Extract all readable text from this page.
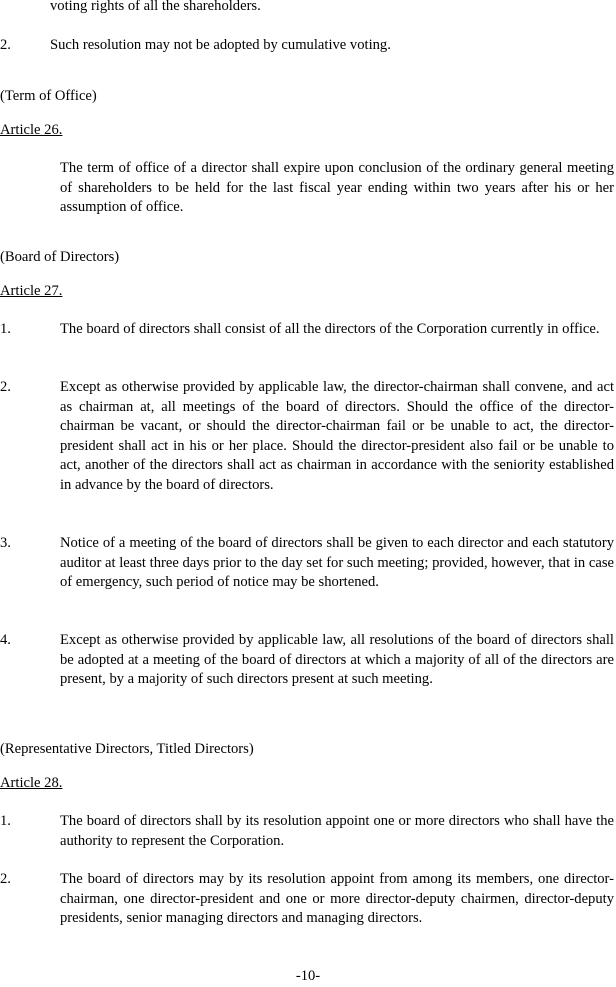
voting rights of all the shareholders.

2.	Such resolution may not be adopted by cumulative voting.

(Term of Office)

Article 26.

The term of office of a director shall expire upon conclusion of the ordinary general meeting of shareholders to be held for the last fiscal year ending within two years after his or her assumption of office.

(Board of Directors)

Article 27.

1.	The board of directors shall consist of all the directors of the Corporation currently in office.

2.	Except as otherwise provided by applicable law, the director-chairman shall convene, and act as chairman at, all meetings of the board of directors. Should the office of the director-chairman be vacant, or should the director-chairman fail or be unable to act, the director-president shall act in his or her place. Should the director-president also fail or be unable to act, another of the directors shall act as chairman in accordance with the seniority established in advance by the board of directors.

3.	Notice of a meeting of the board of directors shall be given to each director and each statutory auditor at least three days prior to the day set for such meeting; provided, however, that in case of emergency, such period of notice may be shortened.

4.	Except as otherwise provided by applicable law, all resolutions of the board of directors shall be adopted at a meeting of the board of directors at which a majority of all of the directors are present, by a majority of such directors present at such meeting.

(Representative Directors, Titled Directors)

Article 28.

1.	The board of directors shall by its resolution appoint one or more directors who shall have the authority to represent the Corporation.

2.	The board of directors may by its resolution appoint from among its members, one director-chairman, one director-president and one or more director-deputy chairmen, director-deputy presidents, senior managing directors and managing directors.

-10-
